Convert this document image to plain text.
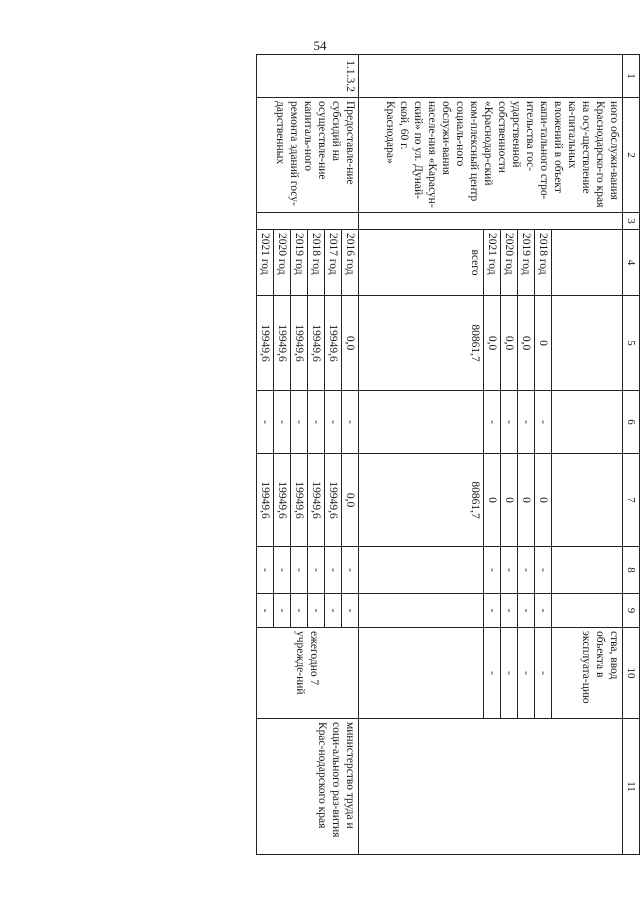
54
1	2	3	4	5	6	7	8	9	10	11
	ного обслужи-вания Краснодарско-го края на осу-ществление ка-питальных вложений в объект капи-тального стро-ительства гос-ударственной собственности «Краснодар-ский ком-плексный центр социаль-ного обслужи-вания населе-ния «Карасун-ский» по ул. Дунай-ской, 60 г. Краснодара»								ства, ввод объекта в эксплуата-цию	
			2018 год	0	-	0	-	-	-	
			2019 год	0,0	-	0	-	-	-	
			2020 год	0,0	-	0	-	-	-	
			2021 год	0,0	-	0	-	-	-	
			всего	80861,7		80861,7				
1.1.3.2	Предоставле-ние субсидий на осуществле-ние капиталь-ного ремонта зданий госу-дарственных		2016 год	0,0	-	0,0	-	-	ежегодно 7 учрежде-ний	министерство труда и соци-ального раз-вития Крас-нодарского края
			2017 год	19949,6	-	19949,6	-	-		
			2018 год	19949,6	-	19949,6	-	-		
			2019 год	19949,6	-	19949,6	-	-		
			2020 год	19949,6	-	19949,6	-	-		
			2021 год	19949,6	-	19949,6	-	-		
